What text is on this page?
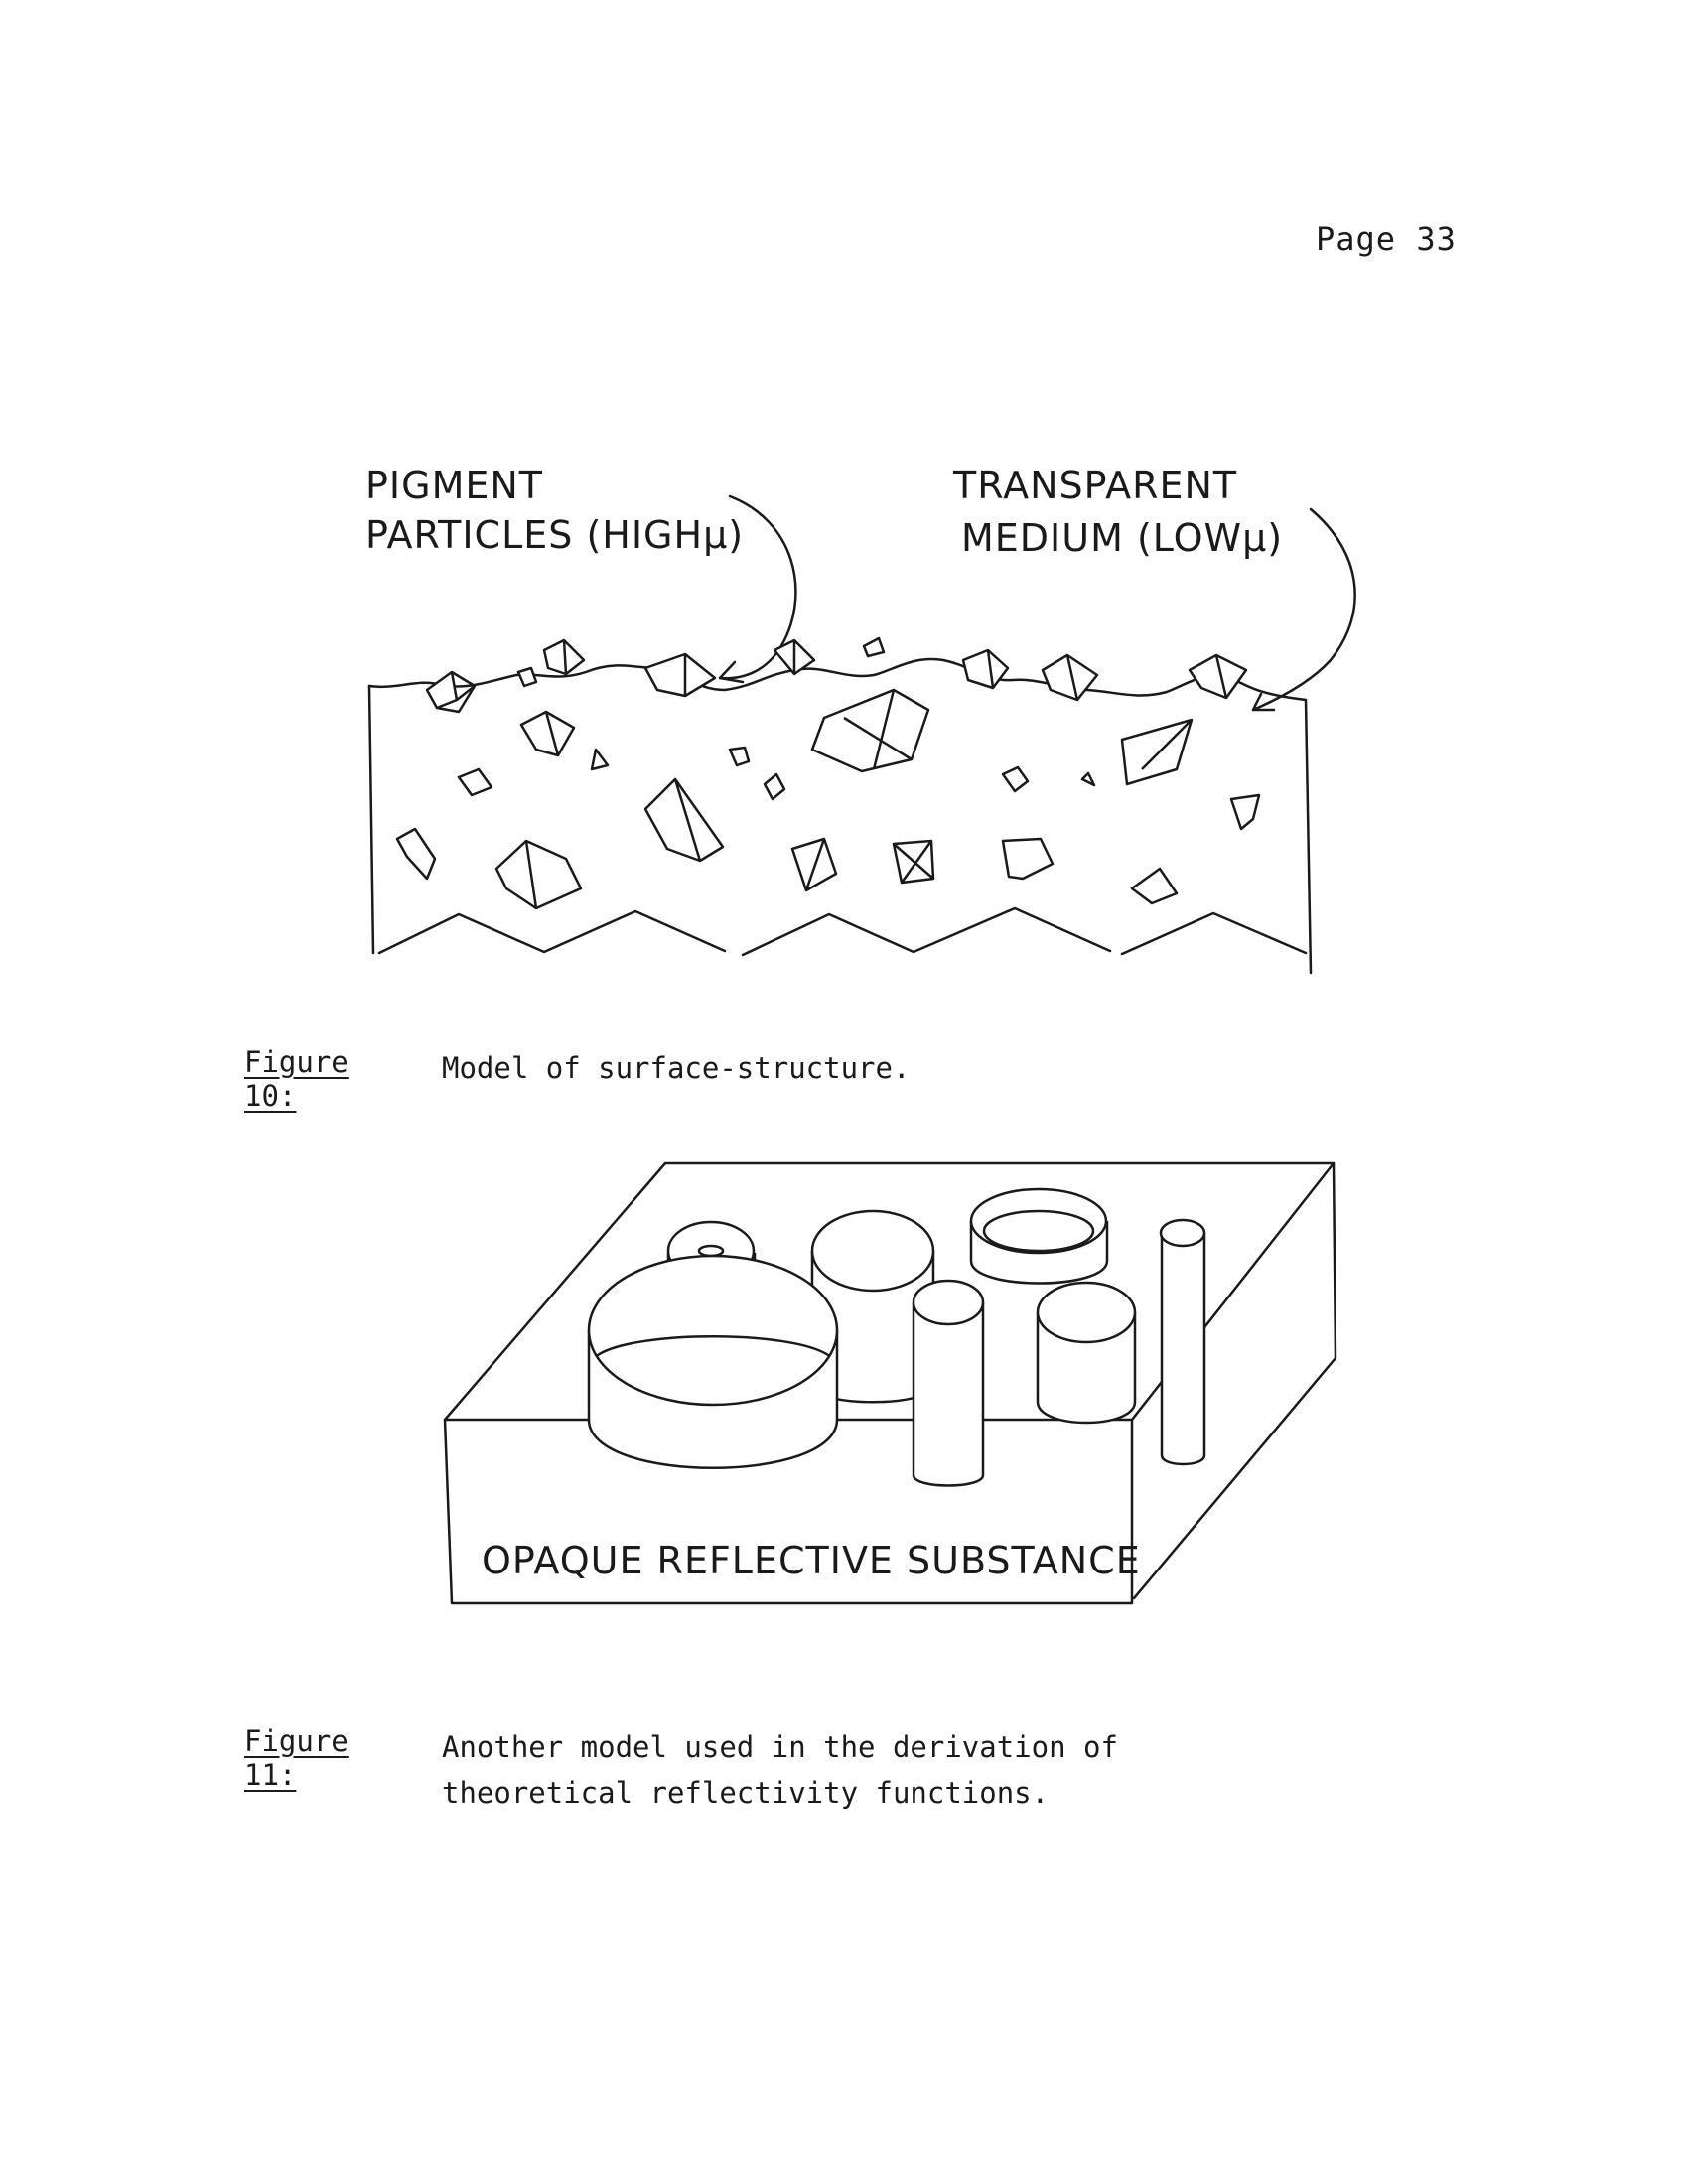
Page 33
PIGMENT
PARTICLES (HIGHμ)
TRANSPARENT
MEDIUM (LOWμ)
Figure 10:
Model of surface-structure.
OPAQUE REFLECTIVE SUBSTANCE
Figure 11:
Another model used in the derivation of
theoretical reflectivity functions.
